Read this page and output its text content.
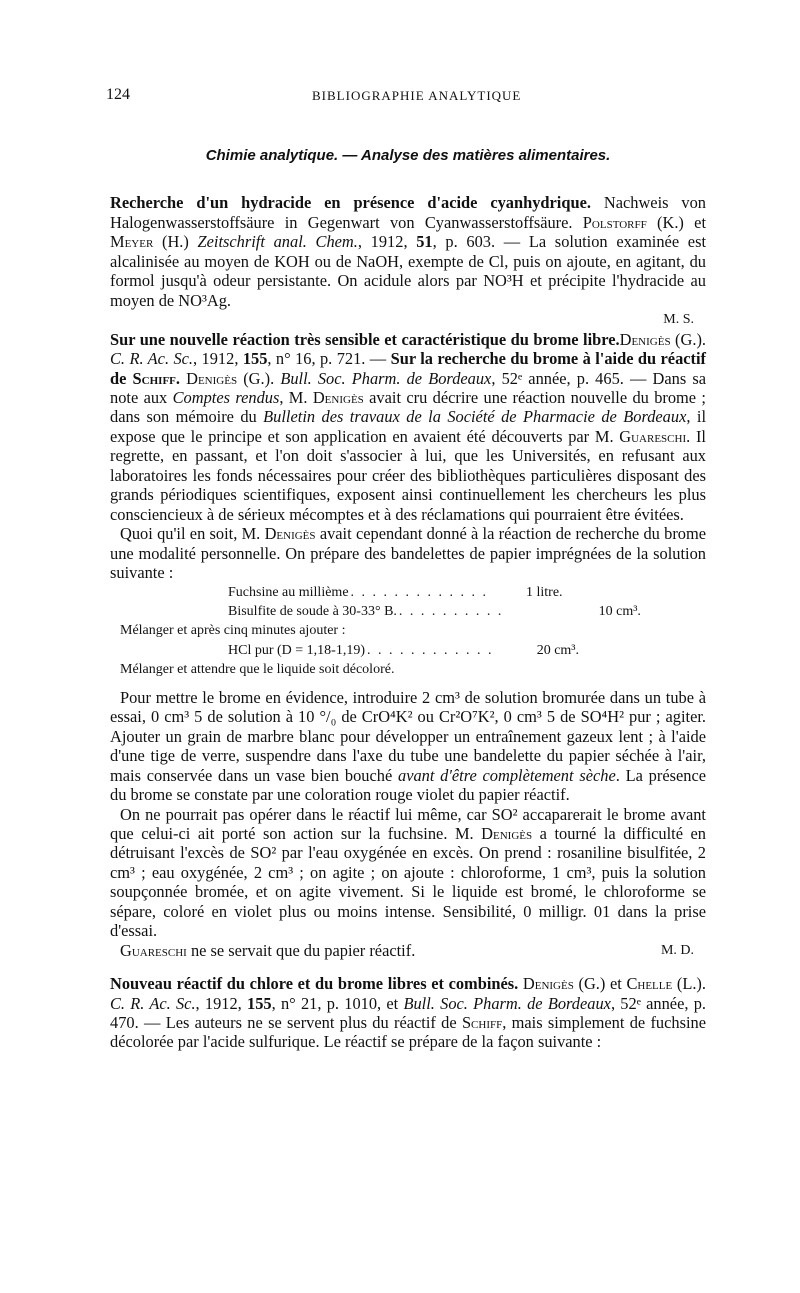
124	BIBLIOGRAPHIE ANALYTIQUE
Chimie analytique. — Analyse des matières alimentaires.

Recherche d'un hydracide en présence d'acide cyanhydrique. Nachweis von Halogenwasserstoffsäure in Gegenwart von Cyanwasserstoffsäure. Polstorff (K.) et Meyer (H.) Zeitschrift anal. Chem., 1912, 51, p. 603. — La solution examinée est alcalinisée au moyen de KOH ou de NaOH, exempte de Cl, puis on ajoute, en agitant, du formol jusqu'à odeur persistante. On acidule alors par NO³H et précipite l'hydracide au moyen de NO³Ag.

M. S.

Sur une nouvelle réaction très sensible et caractéristique du brome libre.Denigès (G.). C. R. Ac. Sc., 1912, 155, n° 16, p. 721. — Sur la recherche du brome à l'aide du réactif de Schiff. Denigès (G.). Bull. Soc. Pharm. de Bordeaux, 52ᵉ année, p. 465. — Dans sa note aux Comptes rendus, M. Denigès avait cru décrire une réaction nouvelle du brome ; dans son mémoire du Bulletin des travaux de la Société de Pharmacie de Bordeaux, il expose que le principe et son application en avaient été découverts par M. Guareschi. Il regrette, en passant, et l'on doit s'associer à lui, que les Universités, en refusant aux laboratoires les fonds nécessaires pour créer des bibliothèques particulières disposant des grands périodiques scientifiques, exposent ainsi continuellement les chercheurs les plus consciencieux à de sérieux mécomptes et à des réclamations qui pourraient être évitées.

Quoi qu'il en soit, M. Denigès avait cependant donné à la réaction de recherche du brome une modalité personnelle. On prépare des bandelettes de papier imprégnées de la solution suivante :

Fuchsine au millième . . . . . . . . . . . . .	1 litre.
Bisulfite de soude à 30-33° B. . . . . . . . . . .	10 cm³.
Mélanger et après cinq minutes ajouter :
HCl pur (D = 1,18-1,19) . . . . . . . . . . . .	20 cm³.
Mélanger et attendre que le liquide soit décoloré.

Pour mettre le brome en évidence, introduire 2 cm³ de solution bromurée dans un tube à essai, 0 cm³ 5 de solution à 10 °/₀ de CrO⁴K² ou Cr²O⁷K², 0 cm³ 5 de SO⁴H² pur ; agiter. Ajouter un grain de marbre blanc pour développer un entraînement gazeux lent ; à l'aide d'une tige de verre, suspendre dans l'axe du tube une bandelette du papier séchée à l'air, mais conservée dans un vase bien bouché avant d'être complètement sèche. La présence du brome se constate par une coloration rouge violet du papier réactif.

On ne pourrait pas opérer dans le réactif lui même, car SO² accaparerait le brome avant que celui-ci ait porté son action sur la fuchsine. M. Denigès a tourné la difficulté en détruisant l'excès de SO² par l'eau oxygénée en excès. On prend : rosaniline bisulfitée, 2 cm³ ; eau oxygénée, 2 cm³ ; on agite ; on ajoute : chloroforme, 1 cm³, puis la solution soupçonnée bromée, et on agite vivement. Si le liquide est bromé, le chloroforme se sépare, coloré en violet plus ou moins intense. Sensibilité, 0 milligr. 01 dans la prise d'essai.

Guareschi ne se servait que du papier réactif.	M. D.

Nouveau réactif du chlore et du brome libres et combinés. Denigès (G.) et Chelle (L.). C. R. Ac. Sc., 1912, 155, n° 21, p. 1010, et Bull. Soc. Pharm. de Bordeaux, 52ᵉ année, p. 470. — Les auteurs ne se servent plus du réactif de Schiff, mais simplement de fuchsine décolorée par l'acide sulfurique. Le réactif se prépare de la façon suivante :
